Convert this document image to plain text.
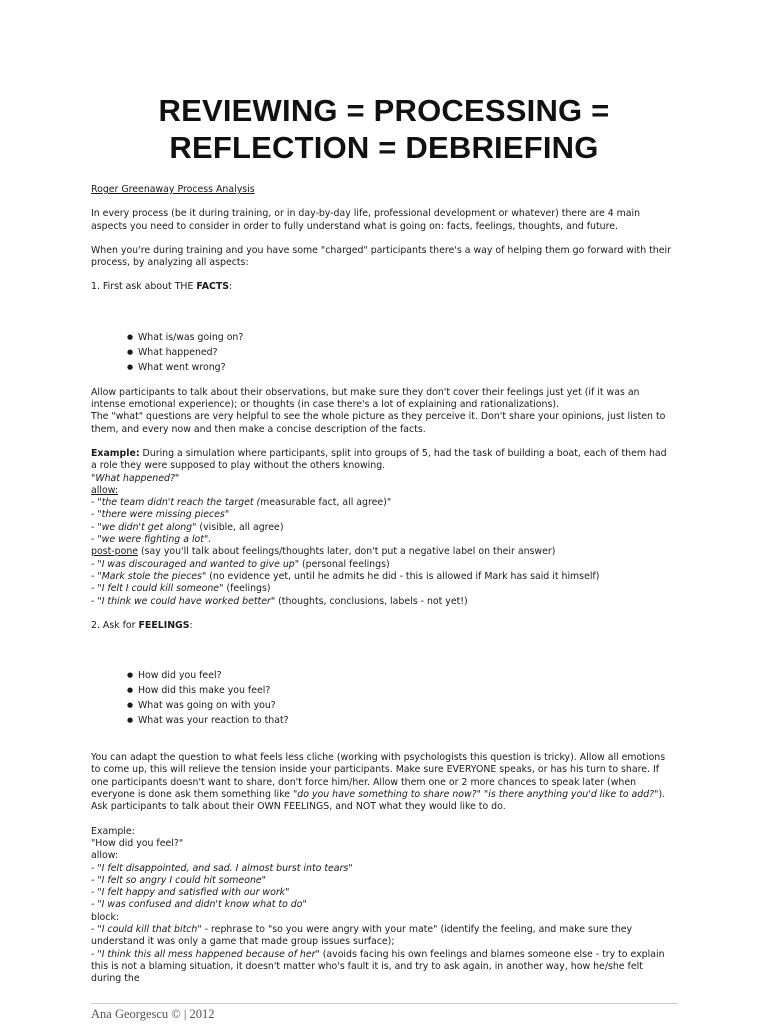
REVIEWING = PROCESSING =
REFLECTION = DEBRIEFING

Roger Greenaway Process Analysis

In every process (be it during training, or in day-by-day life, professional development or whatever) there are 4 main aspects you need to consider in order to fully understand what is going on: facts, feelings, thoughts, and future.

When you're during training and you have some "charged" participants there's a way of helping them go forward with their process, by analyzing all aspects:

1. First ask about THE FACTS:

● What is/was going on?
● What happened?
● What went wrong?

Allow participants to talk about their observations, but make sure they don't cover their feelings just yet (if it was an intense emotional experience); or thoughts (in case there's a lot of explaining and rationalizations).

The "what" questions are very helpful to see the whole picture as they perceive it. Don't share your opinions, just listen to them, and every now and then make a concise description of the facts.

Example: During a simulation where participants, split into groups of 5, had the task of building a boat, each of them had a role they were supposed to play without the others knowing.

"What happened?"

allow:

- "the team didn't reach the target (measurable fact, all agree)"

- "there were missing pieces"

- "we didn't get along" (visible, all agree)

- "we were fighting a lot".

post-pone (say you'll talk about feelings/thoughts later, don't put a negative label on their answer)

- "I was discouraged and wanted to give up" (personal feelings)

- "Mark stole the pieces" (no evidence yet, until he admits he did - this is allowed if Mark has said it himself)

- "I felt I could kill someone" (feelings)

- "I think we could have worked better" (thoughts, conclusions, labels - not yet!)

2. Ask for FEELINGS:

● How did you feel?
● How did this make you feel?
● What was going on with you?
● What was your reaction to that?

You can adapt the question to what feels less cliche (working with psychologists this question is tricky). Allow all emotions to come up, this will relieve the tension inside your participants. Make sure EVERYONE speaks, or has his turn to share. If one participants doesn't want to share, don't force him/her. Allow them one or 2 more chances to speak later (when everyone is done ask them something like "do you have something to share now?" "is there anything you'd like to add?"). Ask participants to talk about their OWN FEELINGS, and NOT what they would like to do.

Example:

"How did you feel?"

allow:

- "I felt disappointed, and sad. I almost burst into tears"

- "I felt so angry I could hit someone"

- "I felt happy and satisfied with our work"

- "I was confused and didn't know what to do"

block:

- "I could kill that bitch" - rephrase to "so you were angry with your mate" (identify the feeling, and make sure they understand it was only a game that made group issues surface);

- "I think this all mess happened because of her" (avoids facing his own feelings and blames someone else - try to explain this is not a blaming situation, it doesn't matter who's fault it is, and try to ask again, in another way, how he/she felt during the

Ana Georgescu © | 2012
